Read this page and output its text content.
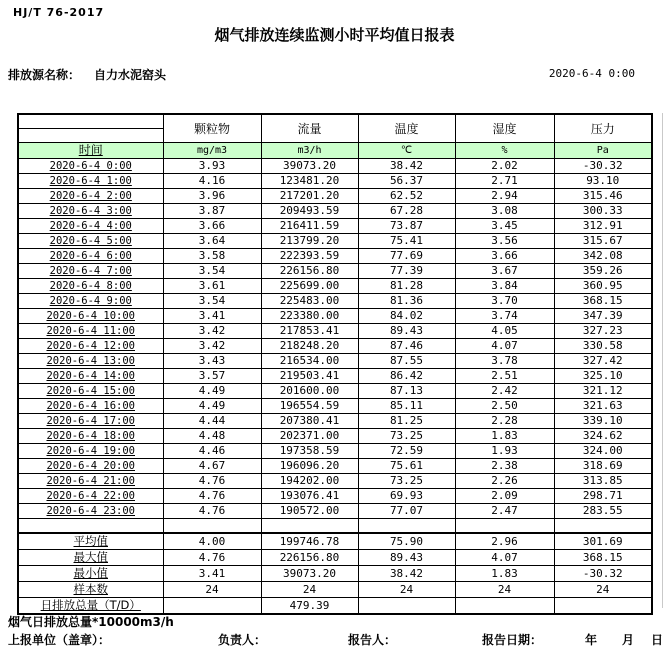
HJ/T 76-2017
烟气排放连续监测小时平均值日报表
排放源名称： 自力水泥窑头	2020-6-4 0:00
	颗粒物	流量	温度	湿度	压力
时间	mg/m3	m3/h	℃	%	Pa
2020-6-4 0:00	3.93	39073.20	38.42	2.02	-30.32
2020-6-4 1:00	4.16	123481.20	56.37	2.71	93.10
2020-6-4 2:00	3.96	217201.20	62.52	2.94	315.46
2020-6-4 3:00	3.87	209493.59	67.28	3.08	300.33
2020-6-4 4:00	3.66	216411.59	73.87	3.45	312.91
2020-6-4 5:00	3.64	213799.20	75.41	3.56	315.67
2020-6-4 6:00	3.58	222393.59	77.69	3.66	342.08
2020-6-4 7:00	3.54	226156.80	77.39	3.67	359.26
2020-6-4 8:00	3.61	225699.00	81.28	3.84	360.95
2020-6-4 9:00	3.54	225483.00	81.36	3.70	368.15
2020-6-4 10:00	3.41	223380.00	84.02	3.74	347.39
2020-6-4 11:00	3.42	217853.41	89.43	4.05	327.23
2020-6-4 12:00	3.42	218248.20	87.46	4.07	330.58
2020-6-4 13:00	3.43	216534.00	87.55	3.78	327.42
2020-6-4 14:00	3.57	219503.41	86.42	2.51	325.10
2020-6-4 15:00	4.49	201600.00	87.13	2.42	321.12
2020-6-4 16:00	4.49	196554.59	85.11	2.50	321.63
2020-6-4 17:00	4.44	207380.41	81.25	2.28	339.10
2020-6-4 18:00	4.48	202371.00	73.25	1.83	324.62
2020-6-4 19:00	4.46	197358.59	72.59	1.93	324.00
2020-6-4 20:00	4.67	196096.20	75.61	2.38	318.69
2020-6-4 21:00	4.76	194202.00	73.25	2.26	313.85
2020-6-4 22:00	4.76	193076.41	69.93	2.09	298.71
2020-6-4 23:00	4.76	190572.00	77.07	2.47	283.55

平均值	4.00	199746.78	75.90	2.96	301.69
最大值	4.76	226156.80	89.43	4.07	368.15
最小值	3.41	39073.20	38.42	1.83	-30.32
样本数	24	24	24	24	24
日排放总量（T/D）		479.39			
烟气日排放总量*10000m3/h
上报单位（盖章）：	负责人：	报告人：	报告日期：	年 月 日
